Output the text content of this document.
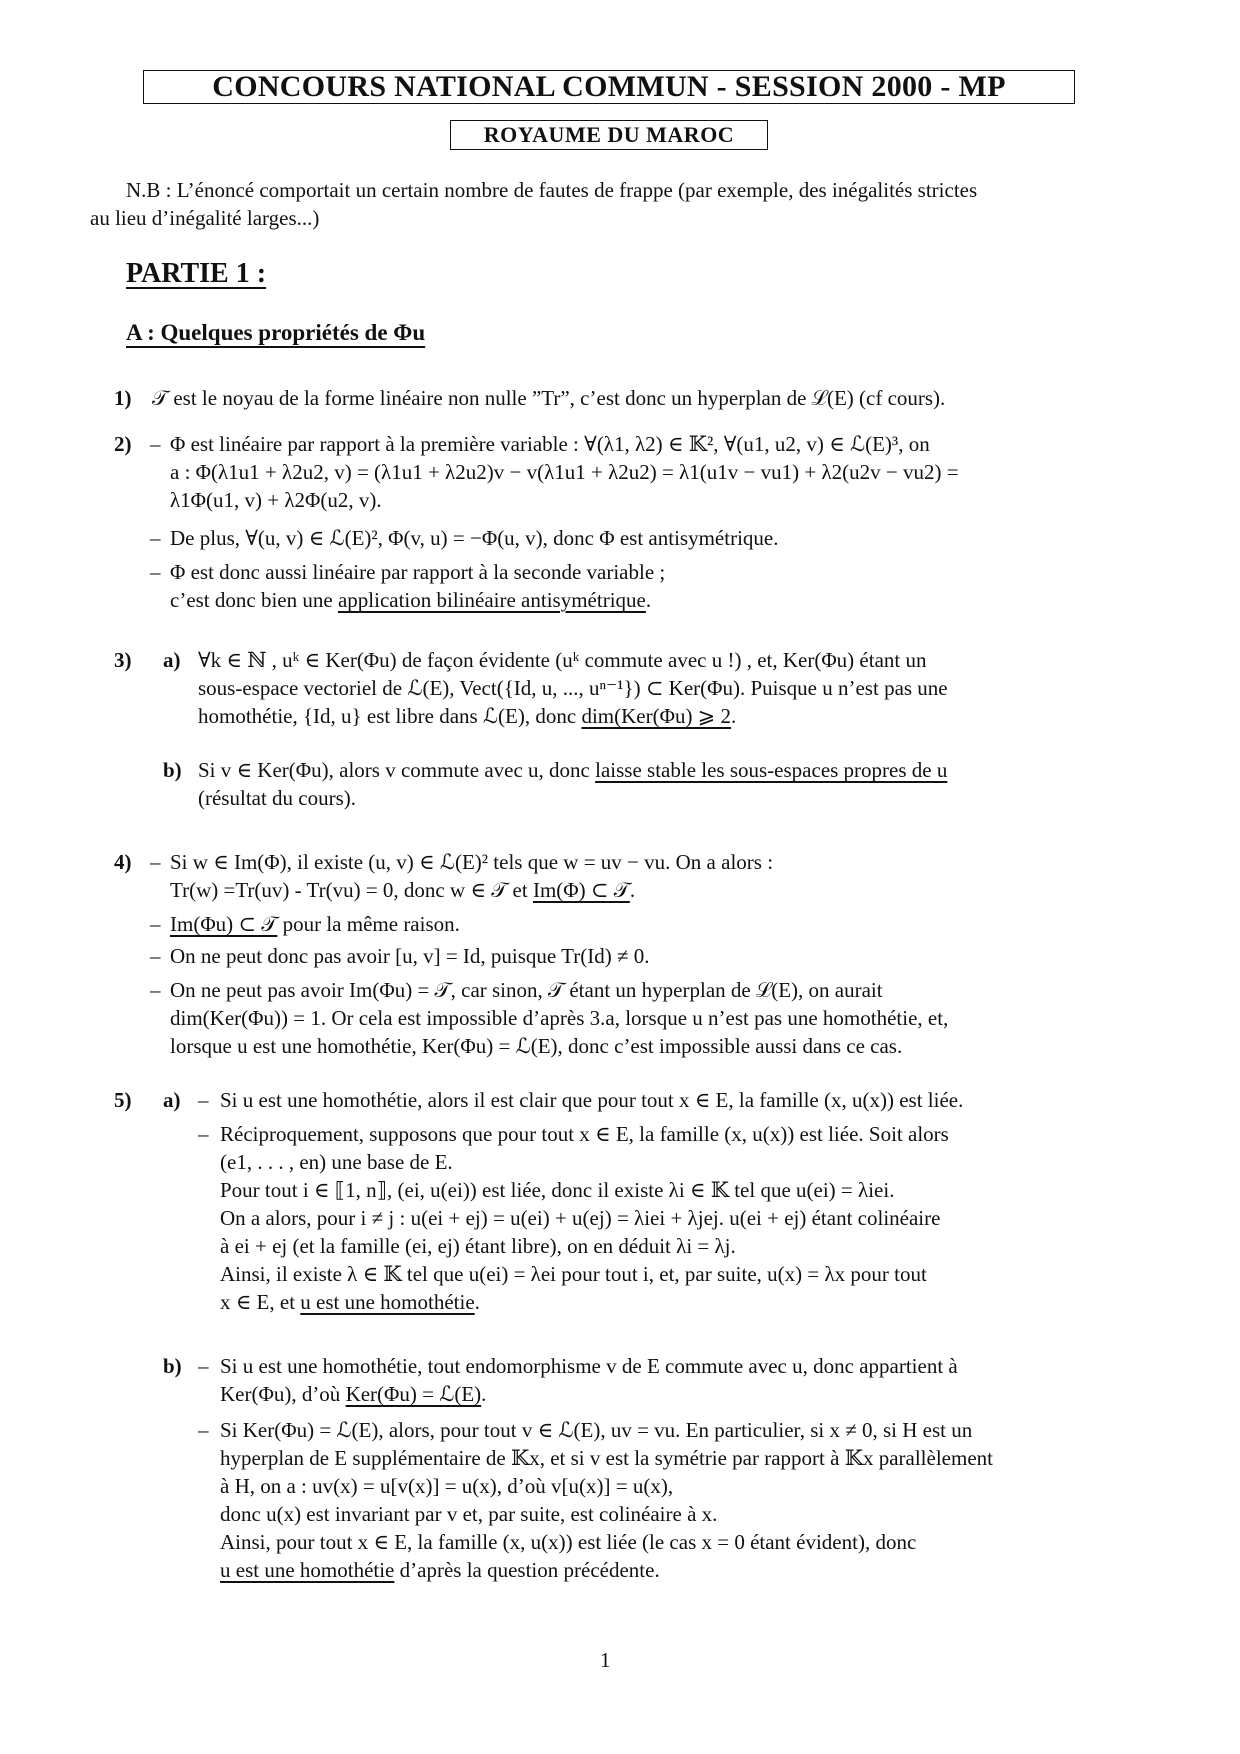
CONCOURS NATIONAL COMMUN - SESSION 2000 - MP
ROYAUME DU MAROC
N.B : L’énoncé comportait un certain nombre de fautes de frappe (par exemple, des inégalités strictes
au lieu d’inégalité larges...)
PARTIE 1 :
A : Quelques propriétés de Φu
1) 𝒯 est le noyau de la forme linéaire non nulle ”Tr”, c’est donc un hyperplan de ℒ(E) (cf cours).
2) – Φ est linéaire par rapport à la première variable : ∀(λ1, λ2) ∈ 𝕂², ∀(u1, u2, v) ∈ ℒ(E)³, on

a : Φ(λ1u1 + λ2u2, v) = (λ1u1 + λ2u2)v − v(λ1u1 + λ2u2) = λ1(u1v − vu1) + λ2(u2v − vu2) =

λ1Φ(u1, v) + λ2Φ(u2, v).

– De plus, ∀(u, v) ∈ ℒ(E)², Φ(v, u) = −Φ(u, v), donc Φ est antisymétrique.

– Φ est donc aussi linéaire par rapport à la seconde variable ;

c’est donc bien une application bilinéaire antisymétrique.

3) a) ∀k ∈ ℕ , uᵏ ∈ Ker(Φu) de façon évidente (uᵏ commute avec u !) , et, Ker(Φu) étant un

sous-espace vectoriel de ℒ(E), Vect({Id, u, ..., uⁿ⁻¹}) ⊂ Ker(Φu). Puisque u n’est pas une

homothétie, {Id, u} est libre dans ℒ(E), donc dim(Ker(Φu) ⩾ 2.

b) Si v ∈ Ker(Φu), alors v commute avec u, donc laisse stable les sous-espaces propres de u

(résultat du cours).

4) – Si w ∈ Im(Φ), il existe (u, v) ∈ ℒ(E)² tels que w = uv − vu. On a alors :

Tr(w) =Tr(uv) - Tr(vu) = 0, donc w ∈ 𝒯 et Im(Φ) ⊂ 𝒯.

– Im(Φu) ⊂ 𝒯 pour la même raison.

– On ne peut donc pas avoir [u, v] = Id, puisque Tr(Id) ≠ 0.

– On ne peut pas avoir Im(Φu) = 𝒯, car sinon, 𝒯 étant un hyperplan de ℒ(E), on aurait

dim(Ker(Φu)) = 1. Or cela est impossible d’après 3.a, lorsque u n’est pas une homothétie, et,

lorsque u est une homothétie, Ker(Φu) = ℒ(E), donc c’est impossible aussi dans ce cas.

5) a) – Si u est une homothétie, alors il est clair que pour tout x ∈ E, la famille (x, u(x)) est liée.

– Réciproquement, supposons que pour tout x ∈ E, la famille (x, u(x)) est liée. Soit alors

(e1, . . . , en) une base de E.

Pour tout i ∈ ⟦1, n⟧, (ei, u(ei)) est liée, donc il existe λi ∈ 𝕂 tel que u(ei) = λiei.

On a alors, pour i ≠ j : u(ei + ej) = u(ei) + u(ej) = λiei + λjej. u(ei + ej) étant colinéaire

à ei + ej (et la famille (ei, ej) étant libre), on en déduit λi = λj.

Ainsi, il existe λ ∈ 𝕂 tel que u(ei) = λei pour tout i, et, par suite, u(x) = λx pour tout

x ∈ E, et u est une homothétie.

b) – Si u est une homothétie, tout endomorphisme v de E commute avec u, donc appartient à

Ker(Φu), d’où Ker(Φu) = ℒ(E).

– Si Ker(Φu) = ℒ(E), alors, pour tout v ∈ ℒ(E), uv = vu. En particulier, si x ≠ 0, si H est un

hyperplan de E supplémentaire de 𝕂x, et si v est la symétrie par rapport à 𝕂x parallèlement

à H, on a : uv(x) = u[v(x)] = u(x), d’où v[u(x)] = u(x),

donc u(x) est invariant par v et, par suite, est colinéaire à x.

Ainsi, pour tout x ∈ E, la famille (x, u(x)) est liée (le cas x = 0 étant évident), donc

u est une homothétie d’après la question précédente.

1
